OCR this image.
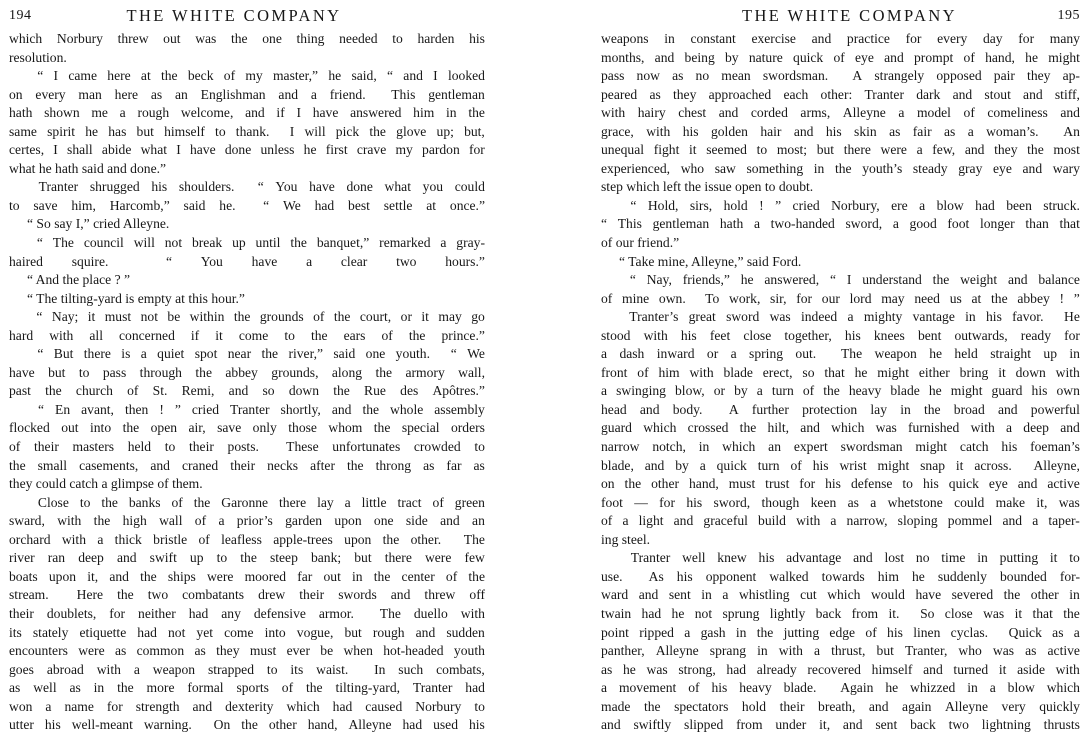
194	THE WHITE COMPANY
which Norbury threw out was the one thing needed to harden his
resolution.
“ I came here at the beck of my master,” he said, “ and I looked
on every man here as an Englishman and a friend. This gentleman
hath shown me a rough welcome, and if I have answered him in the
same spirit he has but himself to thank. I will pick the glove up; but,
certes, I shall abide what I have done unless he first crave my pardon for
what he hath said and done.”
Tranter shrugged his shoulders. “ You have done what you could
to save him, Harcomb,” said he. “ We had best settle at once.”
“ So say I,” cried Alleyne.
“ The council will not break up until the banquet,” remarked a gray-
haired squire.	“ You have a clear two hours.”
“ And the place ? ”
“ The tilting-yard is empty at this hour.”
“ Nay; it must not be within the grounds of the court, or it may go
hard with all concerned if it come to the ears of the prince.”
“ But there is a quiet spot near the river,” said one youth. “ We
have but to pass through the abbey grounds, along the armory wall,
past the church of St. Remi, and so down the Rue des Apôtres.”
“ En avant, then ! ” cried Tranter shortly, and the whole assembly
flocked out into the open air, save only those whom the special orders
of their masters held to their posts. These unfortunates crowded to
the small casements, and craned their necks after the throng as far as
they could catch a glimpse of them.
Close to the banks of the Garonne there lay a little tract of green
sward, with the high wall of a prior’s garden upon one side and an
orchard with a thick bristle of leafless apple-trees upon the other. The
river ran deep and swift up to the steep bank; but there were few
boats upon it, and the ships were moored far out in the center of the
stream. Here the two combatants drew their swords and threw off
their doublets, for neither had any defensive armor. The duello with
its stately etiquette had not yet come into vogue, but rough and sudden
encounters were as common as they must ever be when hot-headed youth
goes abroad with a weapon strapped to its waist. In such combats,
as well as in the more formal sports of the tilting-yard, Tranter had
won a name for strength and dexterity which had caused Norbury to
utter his well-meant warning. On the other hand, Alleyne had used his
THE WHITE COMPANY	195
weapons in constant exercise and practice for every day for many
months, and being by nature quick of eye and prompt of hand, he might
pass now as no mean swordsman. A strangely opposed pair they ap-
peared as they approached each other: Tranter dark and stout and stiff,
with hairy chest and corded arms, Alleyne a model of comeliness and
grace, with his golden hair and his skin as fair as a woman’s. An
unequal fight it seemed to most; but there were a few, and they the most
experienced, who saw something in the youth’s steady gray eye and wary
step which left the issue open to doubt.
“ Hold, sirs, hold ! ” cried Norbury, ere a blow had been struck.
“ This gentleman hath a two-handed sword, a good foot longer than that
of our friend.”
“ Take mine, Alleyne,” said Ford.
“ Nay, friends,” he answered, “ I understand the weight and balance
of mine own. To work, sir, for our lord may need us at the abbey ! ”
Tranter’s great sword was indeed a mighty vantage in his favor. He
stood with his feet close together, his knees bent outwards, ready for
a dash inward or a spring out. The weapon he held straight up in
front of him with blade erect, so that he might either bring it down with
a swinging blow, or by a turn of the heavy blade he might guard his own
head and body. A further protection lay in the broad and powerful
guard which crossed the hilt, and which was furnished with a deep and
narrow notch, in which an expert swordsman might catch his foeman’s
blade, and by a quick turn of his wrist might snap it across. Alleyne,
on the other hand, must trust for his defense to his quick eye and active
foot — for his sword, though keen as a whetstone could make it, was
of a light and graceful build with a narrow, sloping pommel and a taper-
ing steel.
Tranter well knew his advantage and lost no time in putting it to
use. As his opponent walked towards him he suddenly bounded for-
ward and sent in a whistling cut which would have severed the other in
twain had he not sprung lightly back from it. So close was it that the
point ripped a gash in the jutting edge of his linen cyclas. Quick as a
panther, Alleyne sprang in with a thrust, but Tranter, who was as active
as he was strong, had already recovered himself and turned it aside with
a movement of his heavy blade. Again he whizzed in a blow which
made the spectators hold their breath, and again Alleyne very quickly
and swiftly slipped from under it, and sent back two lightning thrusts
